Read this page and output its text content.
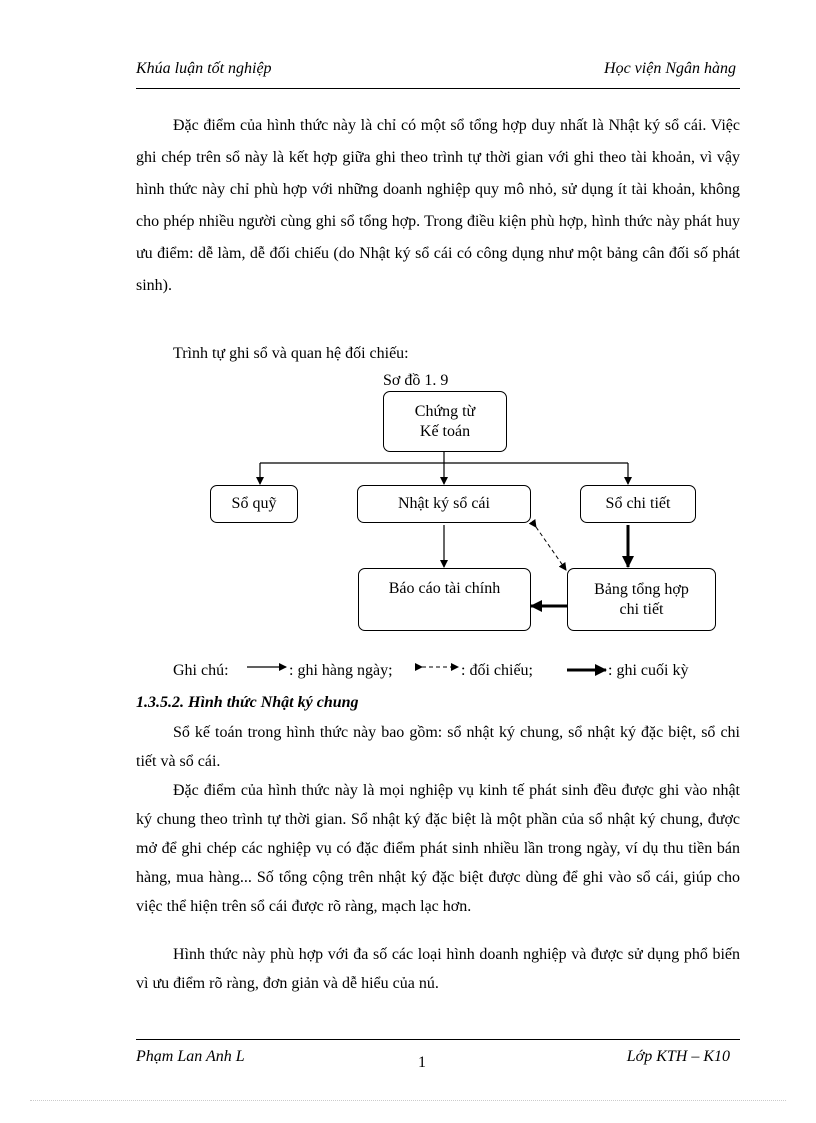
Khúa luận tốt nghiệp	Học viện Ngân hàng

Đặc điểm của hình thức này là chỉ có một sổ tổng hợp duy nhất là Nhật ký sổ cái. Việc ghi chép trên sổ này là kết hợp giữa ghi theo trình tự thời gian với ghi theo tài khoản, vì vậy hình thức này chỉ phù hợp với những doanh nghiệp quy mô nhỏ, sử dụng ít tài khoản, không cho phép nhiều người cùng ghi sổ tổng hợp. Trong điều kiện phù hợp, hình thức này phát huy ưu điểm: dễ làm, dễ đối chiếu (do Nhật ký sổ cái có công dụng như một bảng cân đối số phát sinh).

Trình tự ghi sổ và quan hệ đối chiếu:
Sơ đồ 1. 9
Chứng từ
Kế toán
Sổ quỹ	Nhật ký sổ cái	Sổ chi tiết
Báo cáo tài chính	Bảng tổng hợp
chi tiết
Ghi chú:	: ghi hàng ngày;	: đối chiếu;	: ghi cuối kỳ
1.3.5.2. Hình thức Nhật ký chung

Sổ kế toán trong hình thức này bao gồm: sổ nhật ký chung, sổ nhật ký đặc biệt, sổ chi tiết và sổ cái.

Đặc điểm của hình thức này là mọi nghiệp vụ kinh tế phát sinh đều được ghi vào nhật ký chung theo trình tự thời gian. Sổ nhật ký đặc biệt là một phần của sổ nhật ký chung, được mở để ghi chép các nghiệp vụ có đặc điểm phát sinh nhiều lần trong ngày, ví dụ thu tiền bán hàng, mua hàng... Số tổng cộng trên nhật ký đặc biệt được dùng để ghi vào sổ cái, giúp cho việc thể hiện trên sổ cái được rõ ràng, mạch lạc hơn.

Hình thức này phù hợp với đa số các loại hình doanh nghiệp và được sử dụng phổ biến vì ưu điểm rõ ràng, đơn giản và dễ hiểu của nú.

Phạm Lan Anh L	1	Lớp KTH – K10
